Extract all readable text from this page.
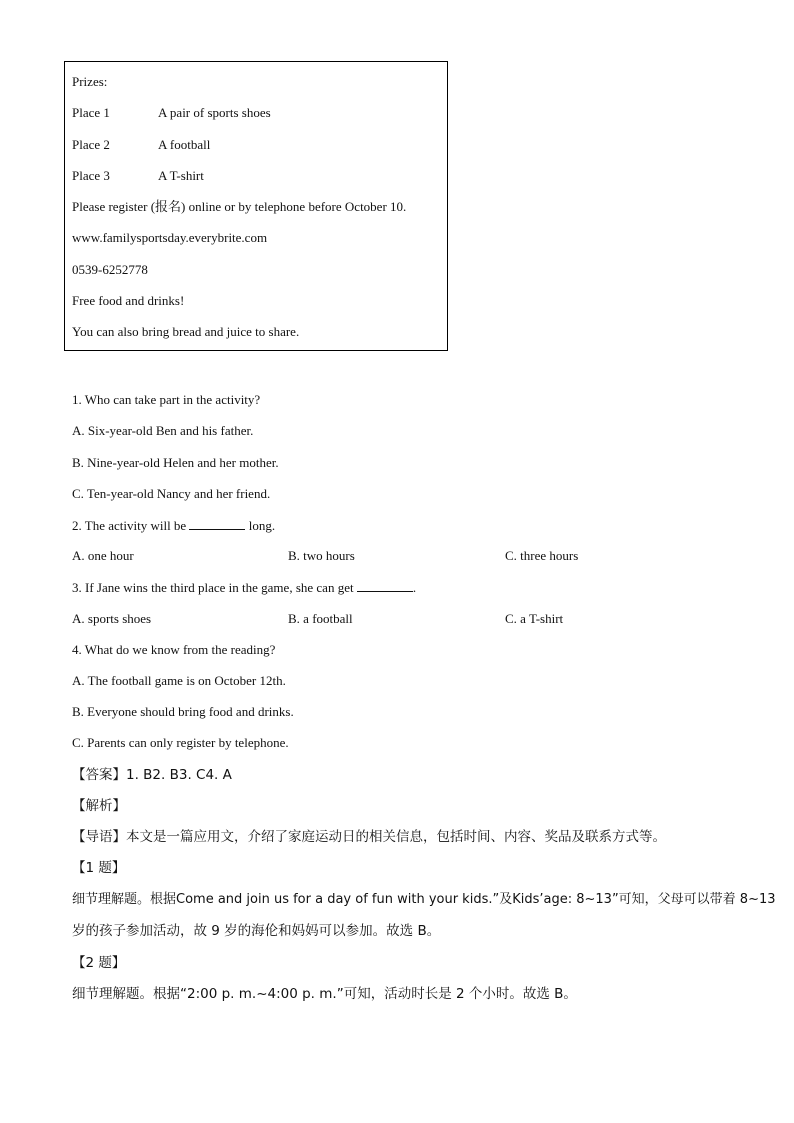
Prizes:
Place 1	A pair of sports shoes
Place 2	A football
Place 3	A T-shirt
Please register (报名) online or by telephone before October 10.
www.familysportsday.everybrite.com
0539-6252778
Free food and drinks!
You can also bring bread and juice to share.
1. Who can take part in the activity?
A. Six-year-old Ben and his father.
B. Nine-year-old Helen and her mother.
C. Ten-year-old Nancy and her friend.
2. The activity will be	long.
A. one hour	B. two hours	C. three hours
3. If Jane wins the third place in the game, she can get	.
A. sports shoes	B. a football	C. a T-shirt
4. What do we know from the reading?
A. The football game is on October 12th.
B. Everyone should bring food and drinks.
C. Parents can only register by telephone.
【答案】1. B2. B3. C4. A
【解析】
【导语】本文是一篇应用文，介绍了家庭运动日的相关信息，包括时间、内容、奖品及联系方式等。
【1 题】
细节理解题。根据Come and join us for a day of fun with your kids.”及Kids’age: 8~13”可知，父母可以带着 8~13
岁的孩子参加活动，故 9 岁的海伦和妈妈可以参加。故选 B。
【2 题】
细节理解题。根据“2:00 p. m.~4:00 p. m.”可知，活动时长是 2 个小时。故选 B。
